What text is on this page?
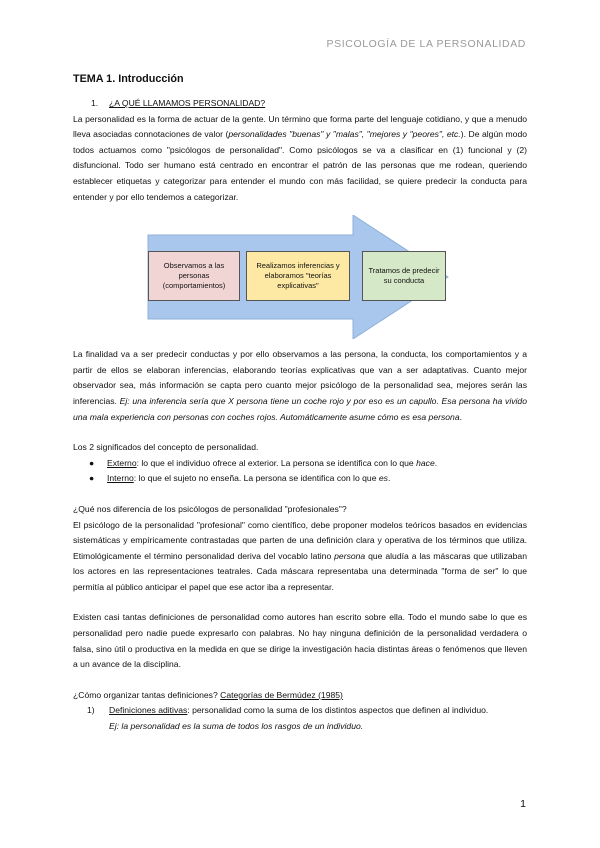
PSICOLOGÍA DE LA PERSONALIDAD
TEMA 1. Introducción
1. ¿A QUÉ LLAMAMOS PERSONALIDAD?

La personalidad es la forma de actuar de la gente. Un término que forma parte del lenguaje cotidiano, y que a menudo lleva asociadas connotaciones de valor (personalidades "buenas" y "malas", "mejores y "peores", etc.). De algún modo todos actuamos como "psicólogos de personalidad". Como psicólogos se va a clasificar en (1) funcional y (2) disfuncional. Todo ser humano está centrado en encontrar el patrón de las personas que me rodean, queriendo establecer etiquetas y categorizar para entender el mundo con más facilidad, se quiere predecir la conducta para entender y por ello tendemos a categorizar.

Observamos a las personas (comportamientos)
Realizamos inferencias y elaboramos "teorías explicativas"
Tratamos de predecir su conducta

La finalidad va a ser predecir conductas y por ello observamos a las persona, la conducta, los comportamientos y a partir de ellos se elaboran inferencias, elaborando teorías explicativas que van a ser adaptativas. Cuanto mejor observador sea, más información se capta pero cuanto mejor psicólogo de la personalidad sea, mejores serán las inferencias. Ej: una inferencia sería que X persona tiene un coche rojo y por eso es un capullo. Esa persona ha vivido una mala experiencia con personas con coches rojos. Automáticamente asume cómo es esa persona.

Los 2 significados del concepto de personalidad.

● Externo: lo que el individuo ofrece al exterior. La persona se identifica con lo que hace.
● Interno: lo que el sujeto no enseña. La persona se identifica con lo que es.

¿Qué nos diferencia de los psicólogos de personalidad "profesionales"?

El psicólogo de la personalidad "profesional" como científico, debe proponer modelos teóricos basados en evidencias sistemáticas y empíricamente contrastadas que parten de una definición clara y operativa de los términos que utiliza. Etimológicamente el término personalidad deriva del vocablo latino persona que aludía a las máscaras que utilizaban los actores en las representaciones teatrales. Cada máscara representaba una determinada "forma de ser" lo que permitía al público anticipar el papel que ese actor iba a representar.

Existen casi tantas definiciones de personalidad como autores han escrito sobre ella. Todo el mundo sabe lo que es personalidad pero nadie puede expresarlo con palabras. No hay ninguna definición de la personalidad verdadera o falsa, sino útil o productiva en la medida en que se dirige la investigación hacia distintas áreas o fenómenos que lleven a un avance de la disciplina.

¿Cómo organizar tantas definiciones? Categorías de Bermúdez (1985)

1) Definiciones aditivas: personalidad como la suma de los distintos aspectos que definen al individuo.
Ej: la personalidad es la suma de todos los rasgos de un individuo.
1
